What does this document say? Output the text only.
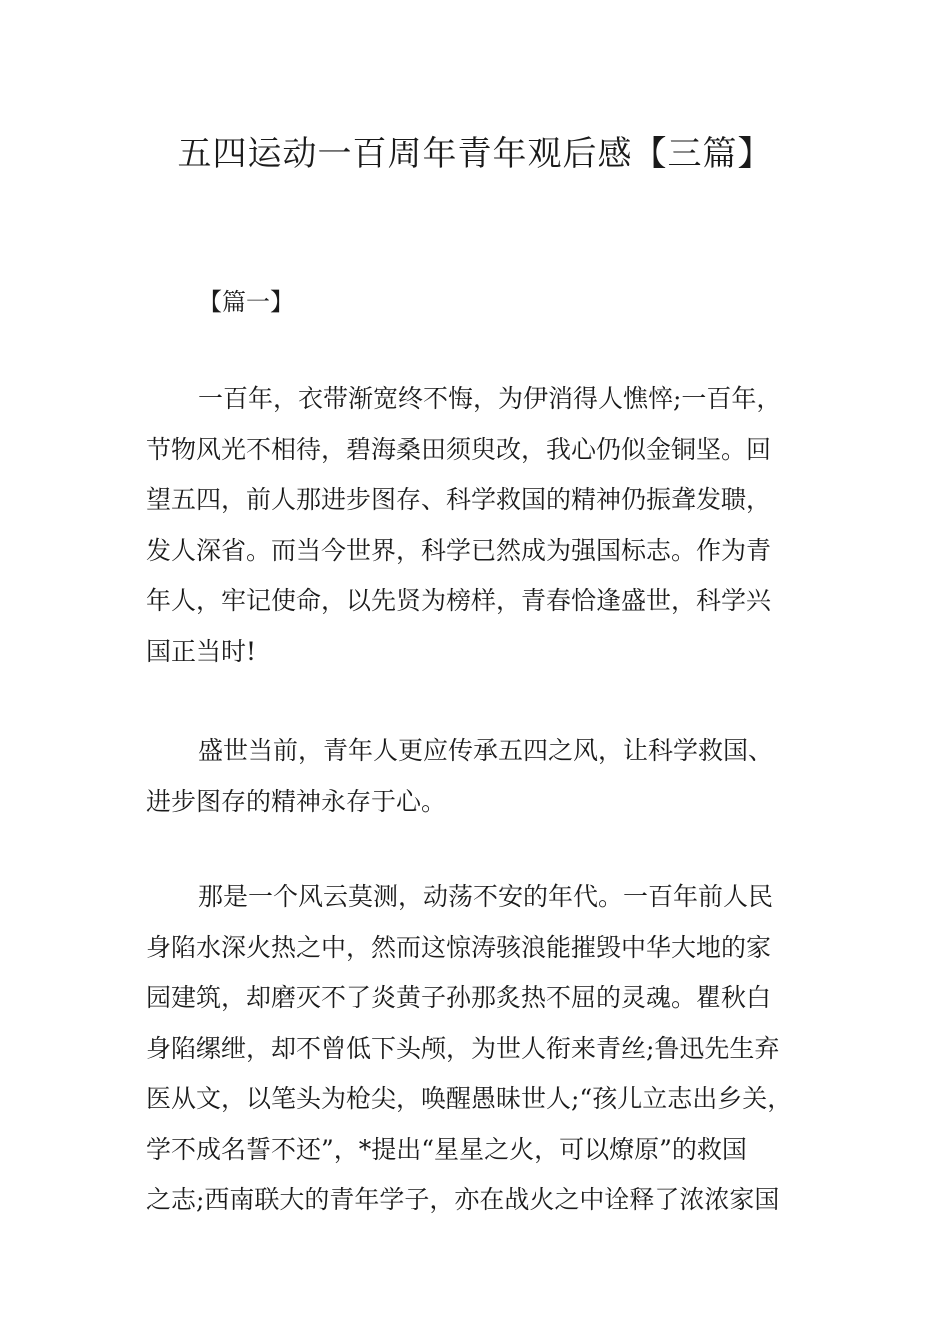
五四运动一百周年青年观后感【三篇】

【篇一】

一百年，衣带渐宽终不悔，为伊消得人憔悴;一百年，
节物风光不相待，碧海桑田须臾改，我心仍似金铜坚。回
望五四，前人那进步图存、科学救国的精神仍振聋发聩，
发人深省。而当今世界，科学已然成为强国标志。作为青
年人，牢记使命，以先贤为榜样，青春恰逢盛世，科学兴
国正当时!
盛世当前，青年人更应传承五四之风，让科学救国、
进步图存的精神永存于心。
那是一个风云莫测，动荡不安的年代。一百年前人民
身陷水深火热之中，然而这惊涛骇浪能摧毁中华大地的家
园建筑，却磨灭不了炎黄子孙那炙热不屈的灵魂。瞿秋白
身陷缧绁，却不曾低下头颅，为世人衔来青丝;鲁迅先生弃
医从文，以笔头为枪尖，唤醒愚昧世人;“孩儿立志出乡关，
学不成名誓不还”，*提出“星星之火，可以燎原”的救国
之志;西南联大的青年学子，亦在战火之中诠释了浓浓家国
